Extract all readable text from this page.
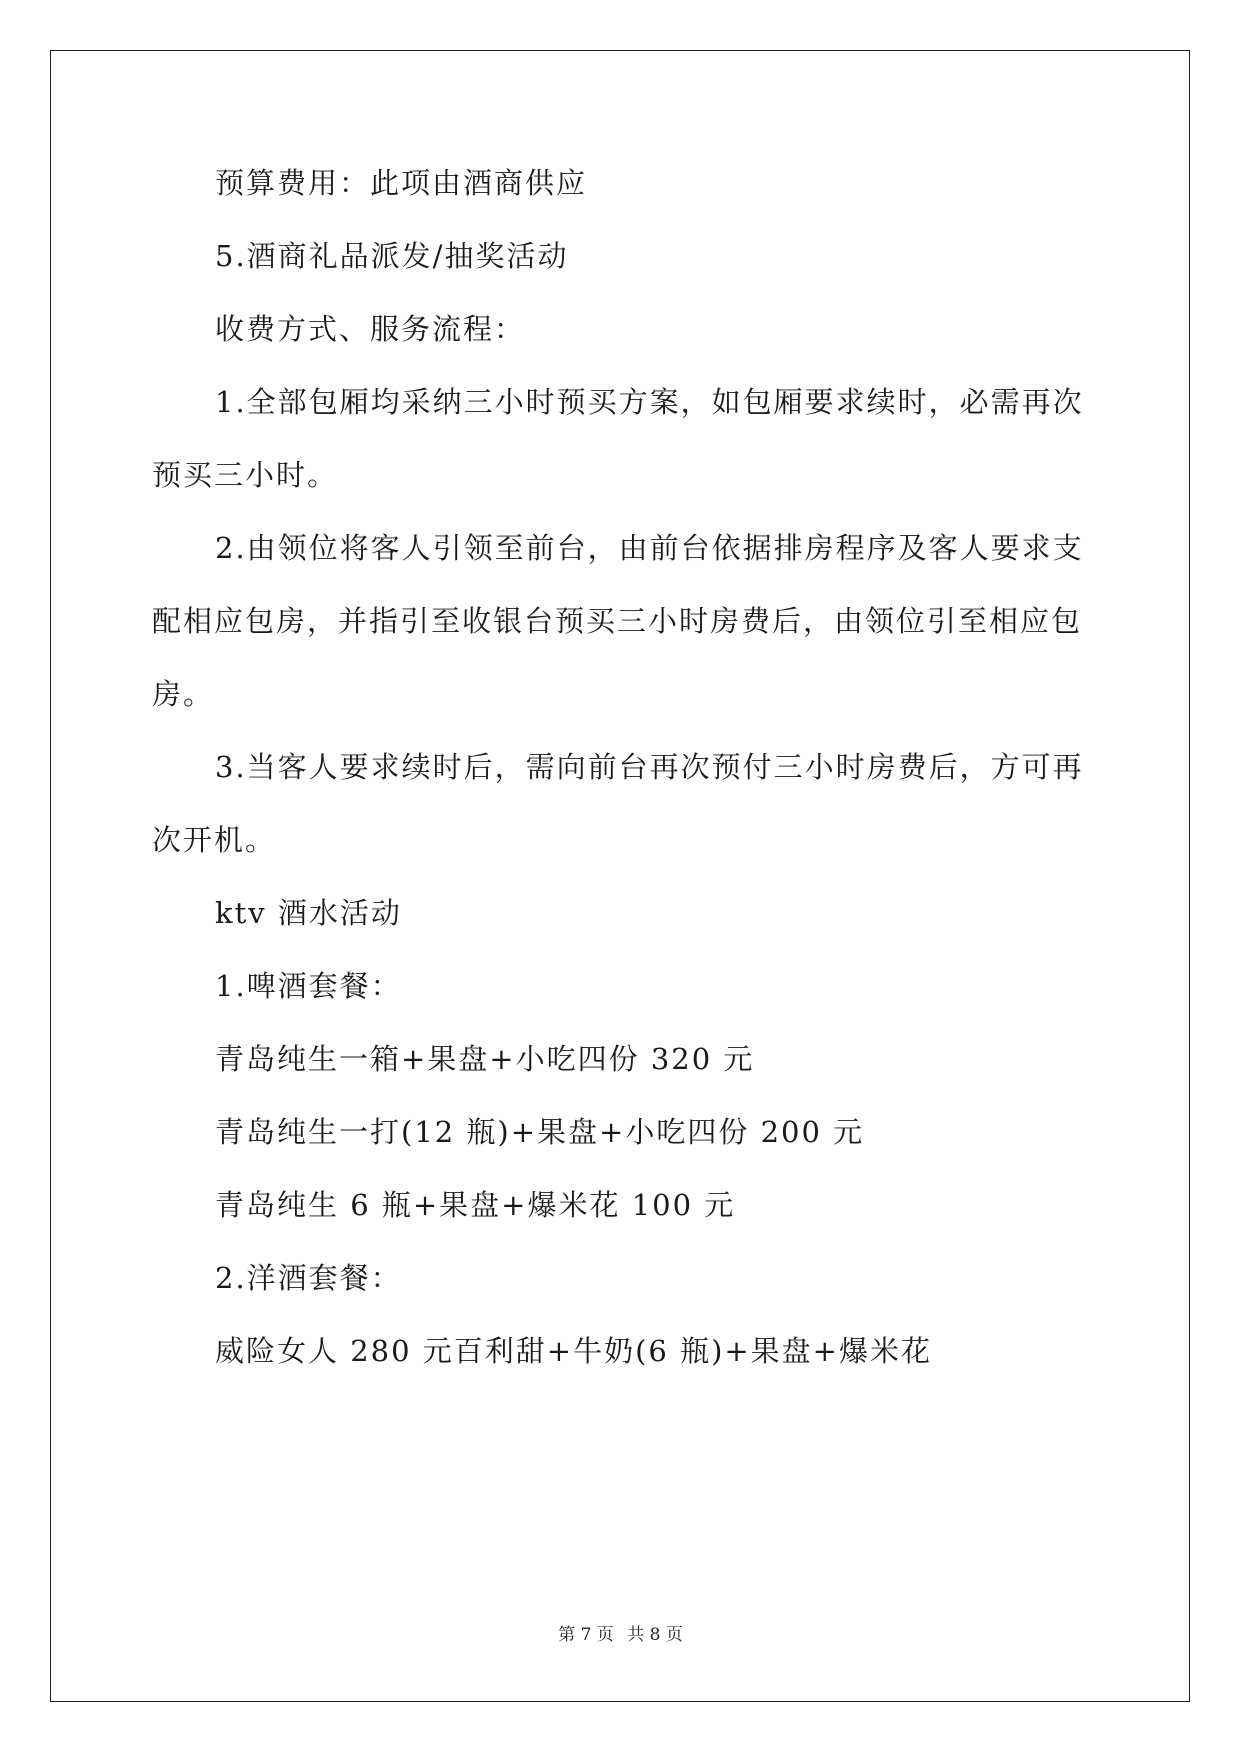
预算费用：此项由酒商供应
5.酒商礼品派发/抽奖活动
收费方式、服务流程：
1.全部包厢均采纳三小时预买方案，如包厢要求续时，必需再次
预买三小时。
2.由领位将客人引领至前台，由前台依据排房程序及客人要求支
配相应包房，并指引至收银台预买三小时房费后，由领位引至相应包
房。
3.当客人要求续时后，需向前台再次预付三小时房费后，方可再
次开机。
ktv 酒水活动
1.啤酒套餐：
青岛纯生一箱+果盘+小吃四份 320 元
青岛纯生一打(12 瓶)+果盘+小吃四份 200 元
青岛纯生 6 瓶+果盘+爆米花 100 元
2.洋酒套餐：
威险女人 280 元百利甜+牛奶(6 瓶)+果盘+爆米花
第 7 页 共 8 页
